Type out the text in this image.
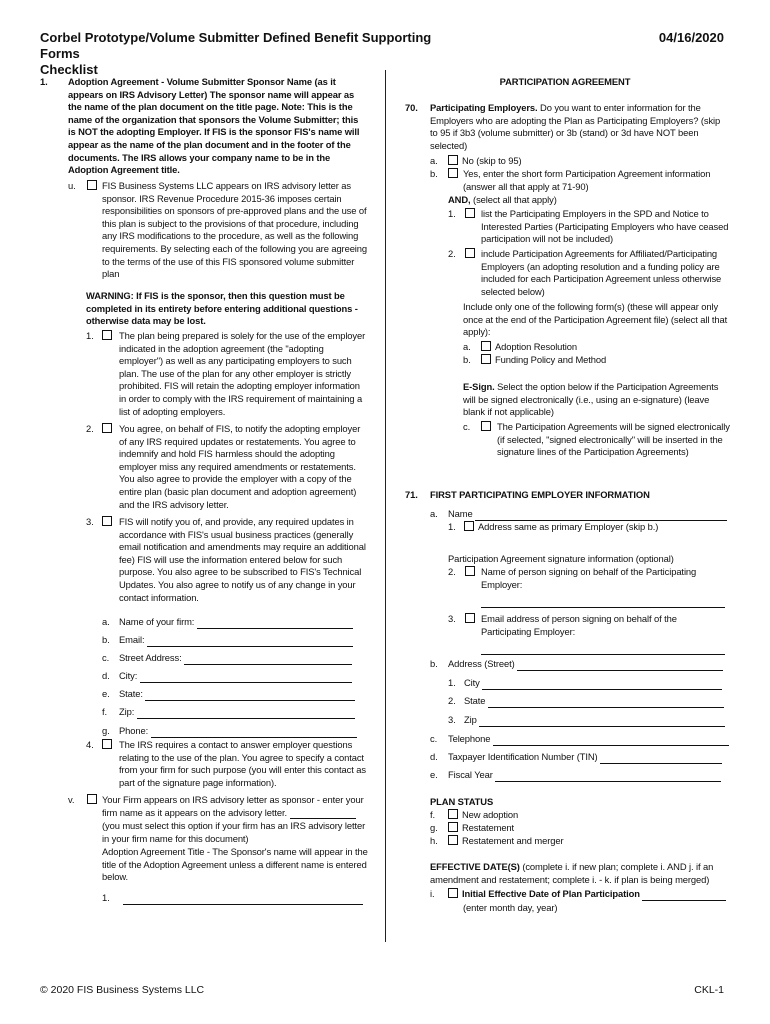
Corbel Prototype/Volume Submitter Defined Benefit Supporting Forms
Checklist
04/16/2020
1.	Adoption Agreement - Volume Submitter Sponsor Name (as it appears on IRS Advisory Letter) The sponsor name will appear as the name of the plan document on the title page. Note: This is the name of the organization that sponsors the Volume Submitter; this is NOT the adopting Employer. If FIS is the sponsor FIS's name will appear as the name of the plan document and in the footer of the documents. The IRS allows your company name to be in the Adoption Agreement title.
u.	FIS Business Systems LLC appears on IRS advisory letter as sponsor. IRS Revenue Procedure 2015-36 imposes certain responsibilities on sponsors of pre-approved plans and the use of this plan is subject to the provisions of that procedure, including any IRS modifications to the procedure, as well as the following requirements. By selecting each of the following you are agreeing to the terms of the use of this FIS sponsored volume submitter plan
WARNING: If FIS is the sponsor, then this question must be completed in its entirety before entering additional questions - otherwise data may be lost.
1.	The plan being prepared is solely for the use of the employer indicated in the adoption agreement (the "adopting employer") as well as any participating employers to such plan. The use of the plan for any other employer is strictly prohibited. FIS will retain the adopting employer information in order to comply with the IRS requirement of maintaining a list of adopting employers.
2.	You agree, on behalf of FIS, to notify the adopting employer of any IRS required updates or restatements. You agree to indemnify and hold FIS harmless should the adopting employer miss any required amendments or restatements. You also agree to provide the employer with a copy of the entire plan (basic plan document and adoption agreement) and the IRS advisory letter.
3.	FIS will notify you of, and provide, any required updates in accordance with FIS's usual business practices (generally email notification and amendments may require an additional fee) FIS will use the information entered below for such purpose. You also agree to be subscribed to FIS's Technical Updates. You also agree to notify us of any change in your contact information.
a. Name of your firm:
b. Email:
c. Street Address:
d. City:
e. State:
f. Zip:
g. Phone:
4.	The IRS requires a contact to answer employer questions relating to the use of the plan. You agree to specify a contact from your firm for such purpose (you will enter this contact as part of the signature page information).
v.	Your Firm appears on IRS advisory letter as sponsor - enter your firm name as it appears on the advisory letter.
(you must select this option if your firm has an IRS advisory letter in your firm name for this document)
Adoption Agreement Title - The Sponsor's name will appear in the title of the Adoption Agreement unless a different name is entered below.
1.
PARTICIPATION AGREEMENT
70. Participating Employers. Do you want to enter information for the Employers who are adopting the Plan as Participating Employers? (skip to 95 if 3b3 (volume submitter) or 3b (stand) or 3d have NOT been selected)
a.	No (skip to 95)
b.	Yes, enter the short form Participation Agreement information (answer all that apply at 71-90)
AND, (select all that apply)
1.	list the Participating Employers in the SPD and Notice to Interested Parties (Participating Employers who have ceased participation will not be included)
2.	include Participation Agreements for Affiliated/Participating Employers (an adopting resolution and a funding policy are included for each Participation Agreement unless otherwise selected below)
Include only one of the following form(s) (these will appear only once at the end of the Participation Agreement file) (select all that apply):
a.	Adoption Resolution
b.	Funding Policy and Method
E-Sign. Select the option below if the Participation Agreements will be signed electronically (i.e., using an e-signature) (leave blank if not applicable)
c.	The Participation Agreements will be signed electronically (if selected, "signed electronically" will be inserted in the signature lines of the Participation Agreements)
71. FIRST PARTICIPATING EMPLOYER INFORMATION
a. Name
1. Address same as primary Employer (skip b.)
Participation Agreement signature information (optional)
2.	Name of person signing on behalf of the Participating Employer:
3.	Email address of person signing on behalf of the Participating Employer:
b. Address (Street)
1. City
2. State
3. Zip
c. Telephone
d. Taxpayer Identification Number (TIN)
e. Fiscal Year
PLAN STATUS
f.	New adoption
g.	Restatement
h.	Restatement and merger
EFFECTIVE DATE(S) (complete i. if new plan; complete i. AND j. if an amendment and restatement; complete i. - k. if plan is being merged)
i.	Initial Effective Date of Plan Participation
(enter month day, year)
© 2020 FIS Business Systems LLC	CKL-1
